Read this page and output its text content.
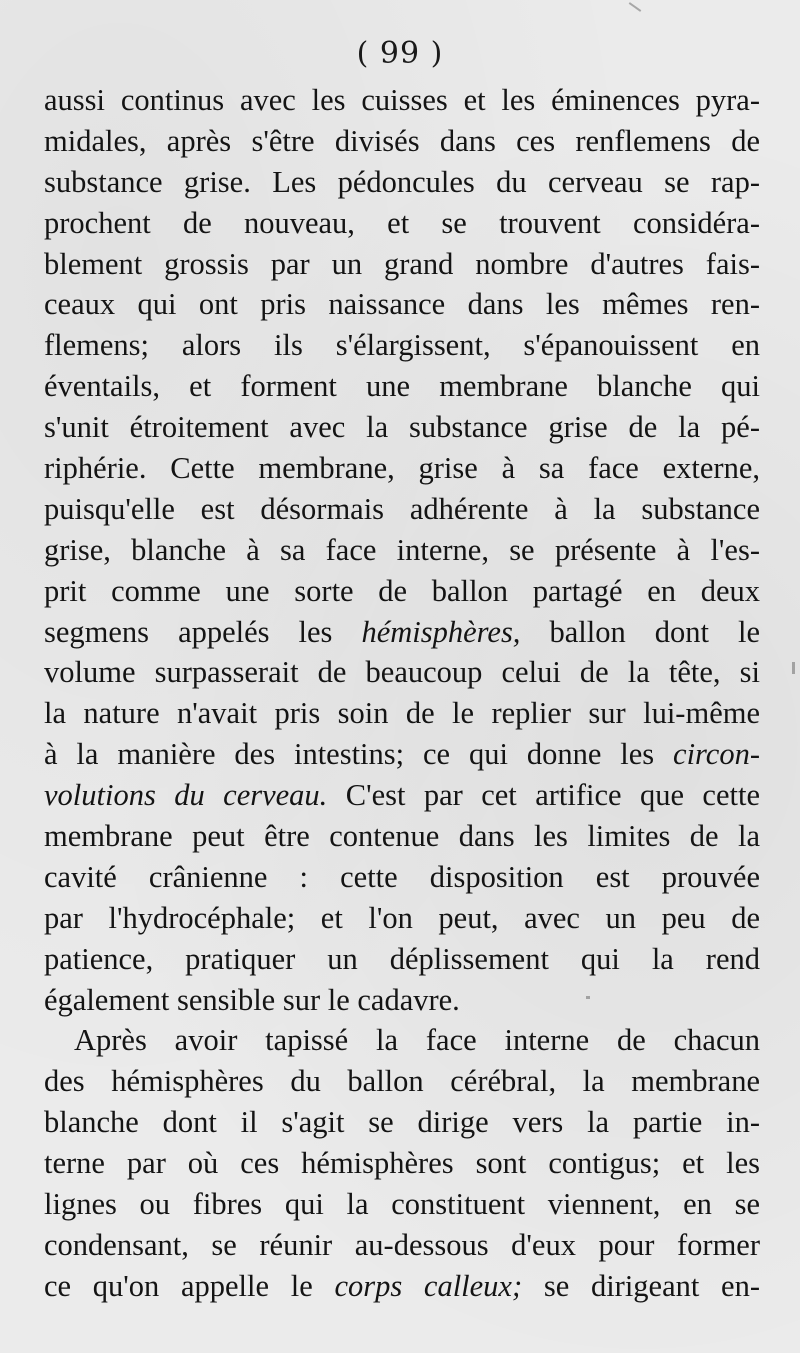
( 99 )
aussi continus avec les cuisses et les éminences pyra-
midales, après s'être divisés dans ces renflemens de
substance grise. Les pédoncules du cerveau se rap-
prochent de nouveau, et se trouvent considéra-
blement grossis par un grand nombre d'autres fais-
ceaux qui ont pris naissance dans les mêmes ren-
flemens; alors ils s'élargissent, s'épanouissent en
éventails, et forment une membrane blanche qui
s'unit étroitement avec la substance grise de la pé-
riphérie. Cette membrane, grise à sa face externe,
puisqu'elle est désormais adhérente à la substance
grise, blanche à sa face interne, se présente à l'es-
prit comme une sorte de ballon partagé en deux
segmens appelés les hémisphères, ballon dont le
volume surpasserait de beaucoup celui de la tête, si
la nature n'avait pris soin de le replier sur lui-même
à la manière des intestins; ce qui donne les circon-
volutions du cerveau. C'est par cet artifice que cette
membrane peut être contenue dans les limites de la
cavité crânienne : cette disposition est prouvée
par l'hydrocéphale; et l'on peut, avec un peu de
patience, pratiquer un déplissement qui la rend
également sensible sur le cadavre.
Après avoir tapissé la face interne de chacun
des hémisphères du ballon cérébral, la membrane
blanche dont il s'agit se dirige vers la partie in-
terne par où ces hémisphères sont contigus; et les
lignes ou fibres qui la constituent viennent, en se
condensant, se réunir au-dessous d'eux pour former
ce qu'on appelle le corps calleux; se dirigeant en-
